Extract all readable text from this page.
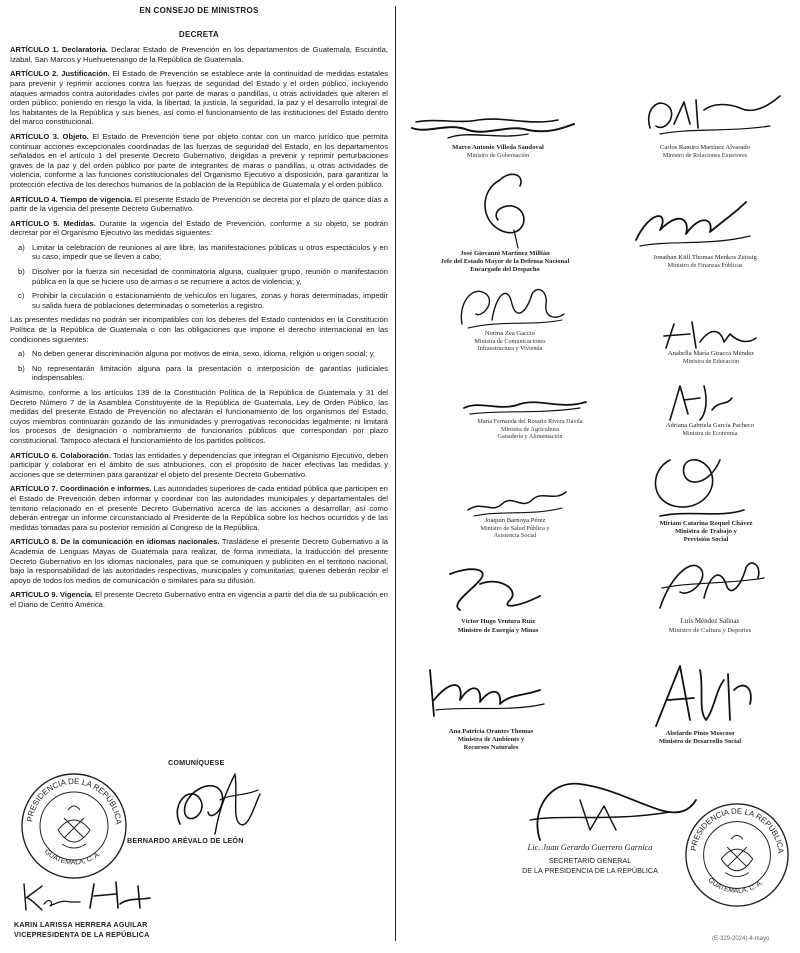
EN CONSEJO DE MINISTROS
DECRETA

ARTÍCULO 1. Declaratoria. Declarar Estado de Prevención en los departamentos de Guatemala, Escuintla, Izabal, San Marcos y Huehuetenango de la República de Guatemala.

ARTÍCULO 2. Justificación. El Estado de Prevención se establece ante la continuidad de medidas estatales para prevenir y reprimir acciones contra las fuerzas de seguridad del Estado y el orden público, incluyendo ataques armados contra autoridades civiles por parte de maras o pandillas, u otras actividades que alteren el orden público; poniendo en riesgo la vida, la libertad, la justicia, la seguridad, la paz y el desarrollo integral de los habitantes de la República y sus bienes, así como el funcionamiento de las instituciones del Estado dentro del marco constitucional.

ARTÍCULO 3. Objeto. El Estado de Prevención tiene por objeto contar con un marco jurídico que permita continuar acciones excepcionales coordinadas de las fuerzas de seguridad del Estado, en los departamentos señalados en el artículo 1 del presente Decreto Gubernativo, dirigidas a prevenir y reprimir perturbaciones graves de la paz y del orden público por parte de integrantes de maras o pandillas, u otras actividades de violencia, conforme a las funciones constitucionales del Organismo Ejecutivo a disposición, para garantizar la protección efectiva de los derechos humanos de la población de la República de Guatemala y el orden público.

ARTÍCULO 4. Tiempo de vigencia. El presente Estado de Prevención se decreta por el plazo de quince días a partir de la vigencia del presente Decreto Gubernativo.

ARTÍCULO 5. Medidas. Durante la vigencia del Estado de Prevención, conforme a su objeto, se podrán decretar por el Organismo Ejecutivo las medidas siguientes:

a) Limitar la celebración de reuniones al aire libre, las manifestaciones públicas u otros espectáculos y en su caso, impedir que se lleven a cabo;
b) Disolver por la fuerza sin necesidad de conminatoria alguna, cualquier grupo, reunión o manifestación pública en la que se hiciere uso de armas o se recurriere a actos de violencia; y,
c)	Prohibir la circulación o estacionamiento de vehículos en lugares, zonas y horas determinadas, impedir su salida fuera de poblaciones determinadas o someterlos a registro.

Las presentes medidas no podrán ser incompatibles con los deberes del Estado contenidos en la Constitución Política de la República de Guatemala o con las obligaciones que impone el derecho internacional en las condiciones siguientes:

a) No deben generar discriminación alguna por motivos de etnia, sexo, idioma, religión u origen social; y,
b) No representarán limitación alguna para la presentación o interposición de garantías judiciales indispensables.

Asimismo, conforme a los artículos 139 de la Constitución Política de la República de Guatemala y 31 del Decreto Número 7 de la Asamblea Constituyente de la República de Guatemala, Ley de Orden Público, las medidas del presente Estado de Prevención no afectarán el funcionamiento de los organismos del Estado, cuyos miembros continuarán gozando de las inmunidades y prerrogativas reconocidas legalmente; ni limitará los procesos de designación o nombramiento de funcionarios públicos que correspondan por plazo constitucional. Tampoco afectará el funcionamiento de los partidos políticos.

ARTÍCULO 6. Colaboración. Todas las entidades y dependencias que integran el Organismo Ejecutivo, deben participar y colaborar en el ámbito de sus atribuciones, con el propósito de hacer efectivas las medidas y acciones que se determinen para garantizar el objeto del presente Decreto Gubernativo.

ARTÍCULO 7. Coordinación e informes. Las autoridades superiores de cada entidad pública que participen en el Estado de Prevención deben informar y coordinar con las autoridades municipales y departamentales del territorio relacionado en el presente Decreto Gubernativo acerca de las acciones a desarrollar; así como deberán entregar un informe circunstanciado al Presidente de la República sobre los hechos ocurridos y de las medidas tomadas para su posterior remisión al Congreso de la República.

ARTÍCULO 8. De la comunicación en idiomas nacionales. Trasládese el presente Decreto Gubernativo a la Academia de Lenguas Mayas de Guatemala para realizar, de forma inmediata, la traducción del presente Decreto Gubernativo en los idiomas nacionales, para que se comuniquen y publiciten en el territorio nacional, bajo la responsabilidad de las autoridades respectivas, municipales y comunitarias, quienes deberán recibir el apoyo de todos los medios de comunicación o similares para su difusión.

ARTÍCULO 9. Vigencia. El presente Decreto Gubernativo entra en vigencia a partir del día de su publicación en el Diario de Centro América.

COMUNÍQUESE
PRESIDENCIA DE LA REPÚBLICA
GUATEMALA, C. A.
BERNARDO ARÉVALO DE LEÓN
KARIN LARISSA HERRERA AGUILAR
VICEPRESIDENTA DE LA REPÚBLICA
Marco Antonio Villeda Sandoval
Ministro de Gobernación
Carlos Ramiro Martínez Alvarado
Ministro de Relaciones Exteriores
José Giovanni Martínez Millián
Jefe del Estado Mayor de la Defensa Nacional
Encargado del Despacho
Jonathan Kiill Thomas Menkos Zeissig
Ministro de Finanzas Públicas
Norma Zea Gaccio
Ministra de Comunicaciones
Infraestructura y Vivienda
Anabella María Giracca Méndez
Ministra de Educación
María Fernanda del Rosario Rivera Dávila
Ministra de Agricultura
Ganadería y Alimentación
Adriana Gabriela García Pacheco
Ministra de Economía
Joaquín Barnoya Pérez
Ministro de Salud Pública y
Asistencia Social
Miriam Catarina Roquel Chávez
Ministra de Trabajo y
Previsión Social
Víctor Hugo Ventura Ruiz
Ministro de Energía y Minas
Luis Méndez Salinas
Ministro de Cultura y Deportes
Ana Patricia Orantes Thomas
Ministra de Ambiente y
Recursos Naturales
Abelardo Pinto Moscoso
Ministro de Desarrollo Social
Lic. Juan Gerardo Guerrero Garnica
SECRETARIO GENERAL
DE LA PRESIDENCIA DE LA REPÚBLICA
PRESIDENCIA DE LA REPÚBLICA
GUATEMALA, C. A.
(E-329-2024)-4-mayo
